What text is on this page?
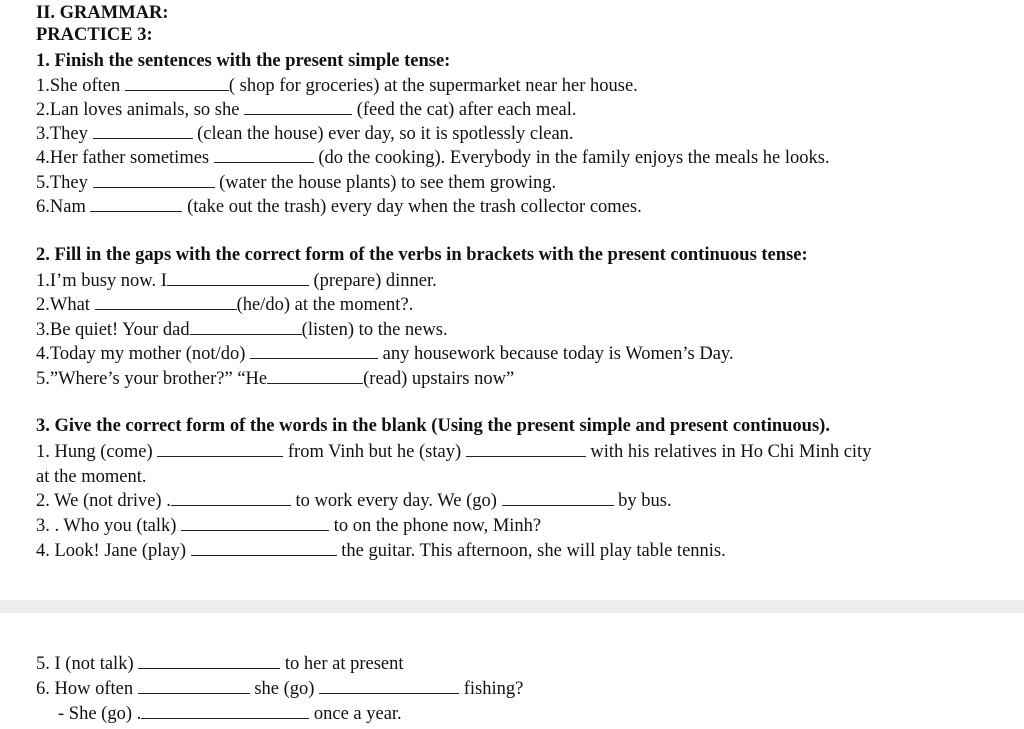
II. GRAMMAR:

PRACTICE 3:

1. Finish the sentences with the present simple tense:

1.She often	( shop for groceries) at the supermarket near her house.

2.Lan loves animals, so she	(feed the cat) after each meal.

3.They	(clean the house) ever day, so it is spotlessly clean.

4.Her father sometimes	(do the cooking). Everybody in the family enjoys the meals he looks.

5.They	(water the house plants) to see them growing.

6.Nam	(take out the trash) every day when the trash collector comes.

2. Fill in the gaps with the correct form of the verbs in brackets with the present continuous tense:

1.I’m busy now. I	(prepare) dinner.

2.What	(he/do) at the moment?.

3.Be quiet! Your dad	(listen) to the news.

4.Today my mother (not/do)	any housework because today is Women’s Day.

5.”Where’s your brother?” “He	(read) upstairs now”

3. Give the correct form of the words in the blank (Using the present simple and present continuous).

1. Hung (come)	from Vinh but he (stay)	with his relatives in Ho Chi Minh city

at the moment.

2. We (not drive) .	to work every day. We (go)	by bus.

3. . Who you (talk)	to on the phone now, Minh?

4. Look! Jane (play)	the guitar. This afternoon, she will play table tennis.

5. I (not talk)	to her at present

6. How often	she (go)	fishing?

- She (go) .	once a year.
